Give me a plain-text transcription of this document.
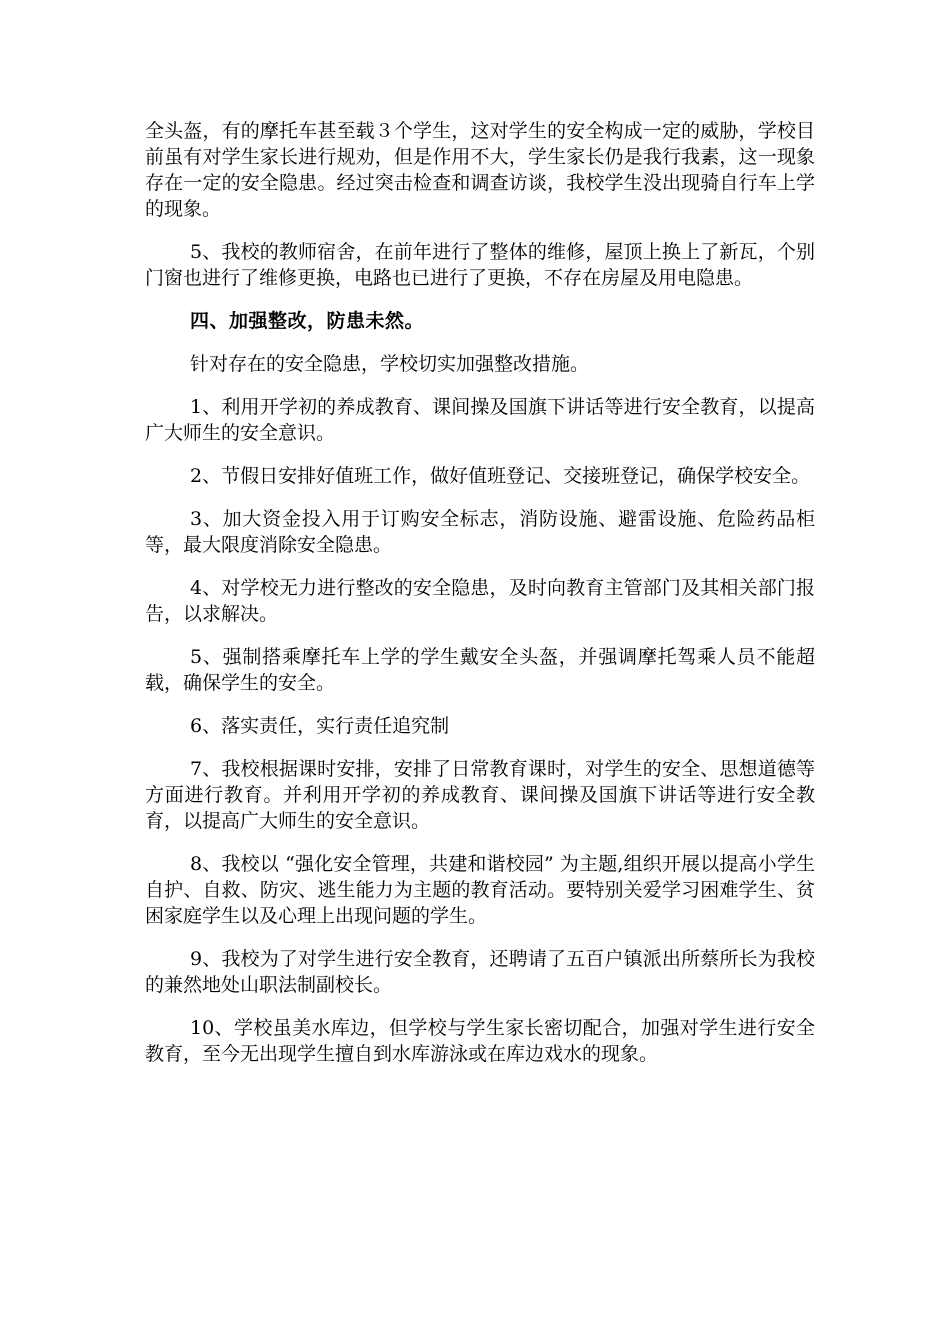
全头盔，有的摩托车甚至载３个学生，这对学生的安全构成一定的威胁，学校目前虽有对学生家长进行规劝，但是作用不大，学生家长仍是我行我素，这一现象存在一定的安全隐患。经过突击检查和调查访谈，我校学生没出现骑自行车上学的现象。

5、我校的教师宿舍，在前年进行了整体的维修，屋顶上换上了新瓦，个别门窗也进行了维修更换，电路也已进行了更换，不存在房屋及用电隐患。

四、加强整改，防患未然。

针对存在的安全隐患，学校切实加强整改措施。

1、利用开学初的养成教育、课间操及国旗下讲话等进行安全教育，以提高广大师生的安全意识。

2、节假日安排好值班工作，做好值班登记、交接班登记，确保学校安全。

3、加大资金投入用于订购安全标志，消防设施、避雷设施、危险药品柜等，最大限度消除安全隐患。

4、对学校无力进行整改的安全隐患，及时向教育主管部门及其相关部门报告，以求解决。

5、强制搭乘摩托车上学的学生戴安全头盔，并强调摩托驾乘人员不能超载，确保学生的安全。

6、落实责任，实行责任追究制

7、我校根据课时安排，安排了日常教育课时，对学生的安全、思想道德等方面进行教育。并利用开学初的养成教育、课间操及国旗下讲话等进行安全教育，以提高广大师生的安全意识。

8、我校以 “强化安全管理，共建和谐校园” 为主题,组织开展以提高小学生自护、自救、防灾、逃生能力为主题的教育活动。要特别关爱学习困难学生、贫困家庭学生以及心理上出现问题的学生。

9、我校为了对学生进行安全教育，还聘请了五百户镇派出所蔡所长为我校的兼然地处山职法制副校长。

10、学校虽美水库边，但学校与学生家长密切配合，加强对学生进行安全教育，至今无出现学生擅自到水库游泳或在库边戏水的现象。
